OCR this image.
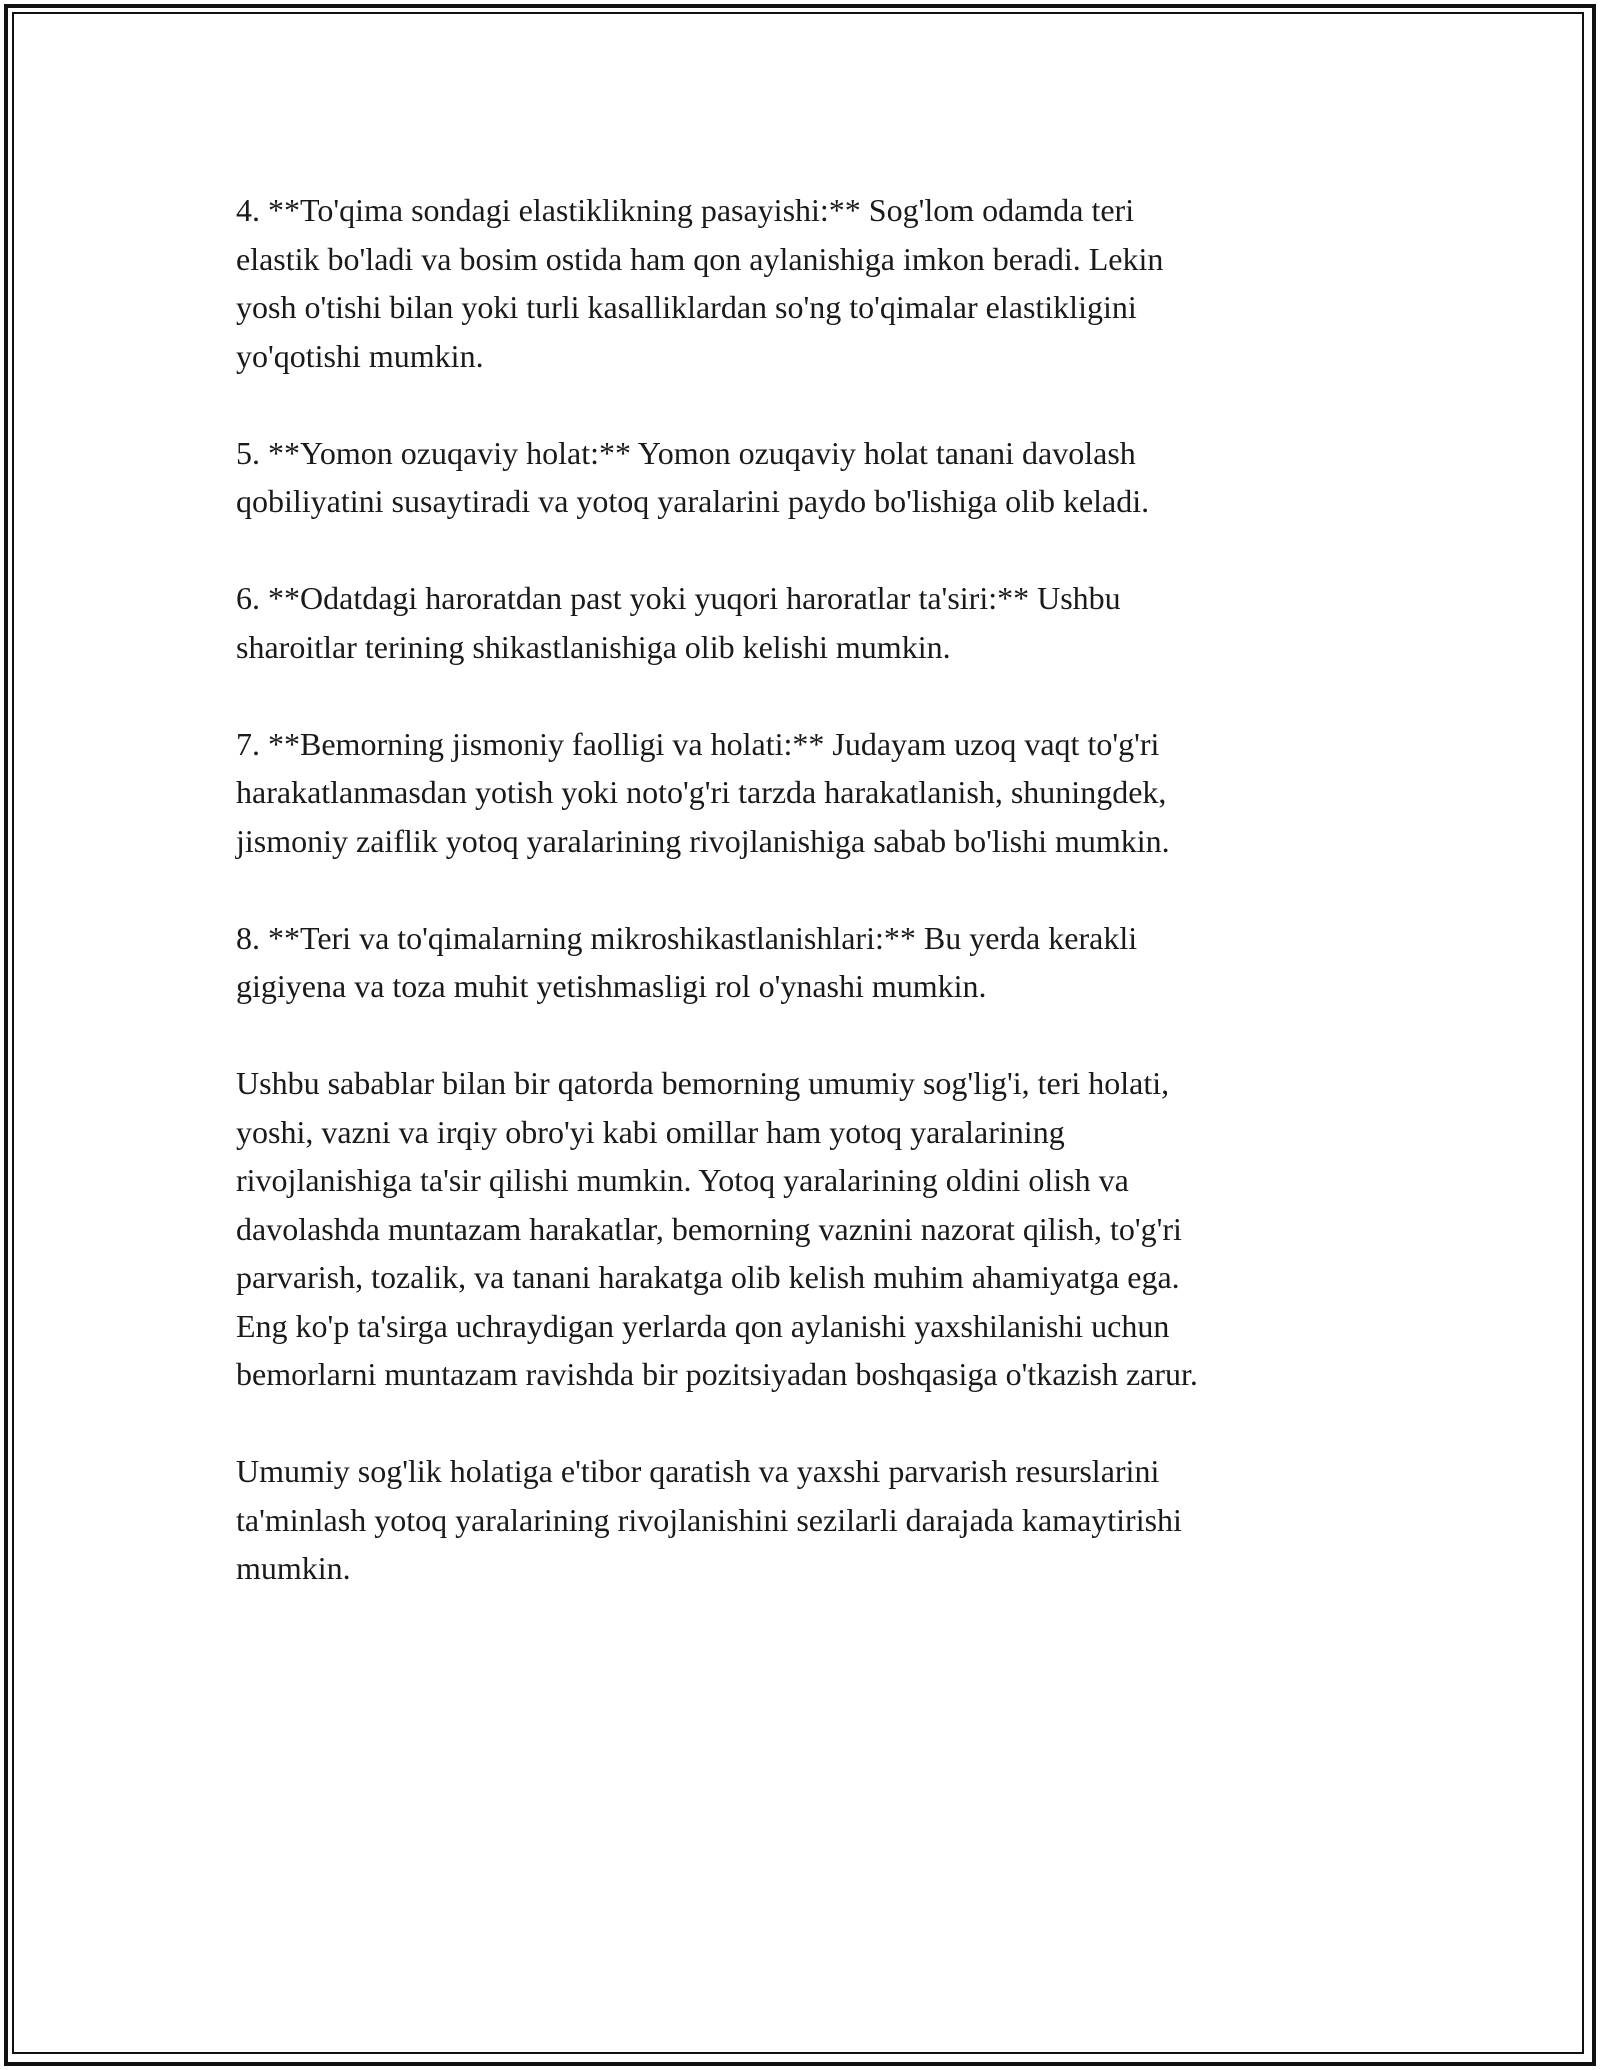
4. **To'qima sondagi elastiklikning pasayishi:** Sog'lom odamda teri
elastik bo'ladi va bosim ostida ham qon aylanishiga imkon beradi. Lekin
yosh o'tishi bilan yoki turli kasalliklardan so'ng to'qimalar elastikligini
yo'qotishi mumkin.

5. **Yomon ozuqaviy holat:** Yomon ozuqaviy holat tanani davolash
qobiliyatini susaytiradi va yotoq yaralarini paydo bo'lishiga olib keladi.

6. **Odatdagi haroratdan past yoki yuqori haroratlar ta'siri:** Ushbu
sharoitlar terining shikastlanishiga olib kelishi mumkin.

7. **Bemorning jismoniy faolligi va holati:** Judayam uzoq vaqt to'g'ri
harakatlanmasdan yotish yoki noto'g'ri tarzda harakatlanish, shuningdek,
jismoniy zaiflik yotoq yaralarining rivojlanishiga sabab bo'lishi mumkin.

8. **Teri va to'qimalarning mikroshikastlanishlari:** Bu yerda kerakli
gigiyena va toza muhit yetishmasligi rol o'ynashi mumkin.

Ushbu sabablar bilan bir qatorda bemorning umumiy sog'lig'i, teri holati,
yoshi, vazni va irqiy obro'yi kabi omillar ham yotoq yaralarining
rivojlanishiga ta'sir qilishi mumkin. Yotoq yaralarining oldini olish va
davolashda muntazam harakatlar, bemorning vaznini nazorat qilish, to'g'ri
parvarish, tozalik, va tanani harakatga olib kelish muhim ahamiyatga ega.
Eng ko'p ta'sirga uchraydigan yerlarda qon aylanishi yaxshilanishi uchun
bemorlarni muntazam ravishda bir pozitsiyadan boshqasiga o'tkazish zarur.

Umumiy sog'lik holatiga e'tibor qaratish va yaxshi parvarish resurslarini
ta'minlash yotoq yaralarining rivojlanishini sezilarli darajada kamaytirishi
mumkin.
